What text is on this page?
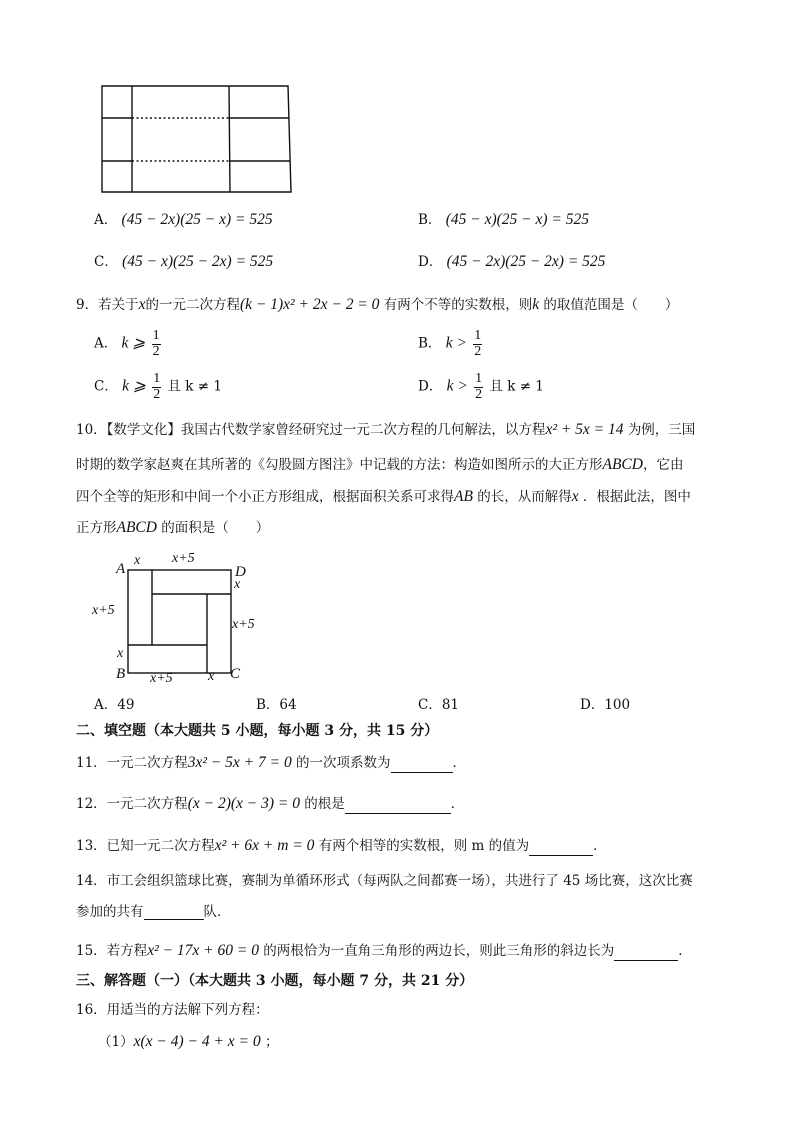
A． (45 − 2x)(25 − x) = 525	B． (45 − x)(25 − x) = 525
C． (45 − x)(25 − 2x) = 525	D． (45 − 2x)(25 − 2x) = 525
9．若关于x的一元二次方程(k − 1)x² + 2x − 2 = 0 有两个不等的实数根，则k 的取值范围是（　　）
A． k ⩾ $\frac{1}{2}$	B． $k > \frac{1}{2}$
C． k ⩾ $\frac{1}{2}$ 且 k ≠ 1	D． $k > \frac{1}{2}$ 且 k ≠ 1
10．【数学文化】我国古代数学家曾经研究过一元二次方程的几何解法，以方程x² + 5x = 14 为例，三国
时期的数学家赵爽在其所著的《勾股圆方图注》中记载的方法：构造如图所示的大正方形ABCD，它由
四个全等的矩形和中间一个小正方形组成，根据面积关系可求得AB 的长，从而解得x ．根据此法，图中
正方形ABCD 的面积是（　　）
A	D
B	C
x x+5
x
x+5
x+5
x
x+5	x
A．49	B．64	C．81	D．100
二、填空题（本大题共 5 小题，每小题 3 分，共 15 分）
11．一元二次方程3x² − 5x + 7 = 0 的一次项系数为	．
12．一元二次方程(x − 2)(x − 3) = 0 的根是	．
13．已知一元二次方程x² + 6x + m = 0 有两个相等的实数根，则 m 的值为	．
14．市工会组织篮球比赛，赛制为单循环形式（每两队之间都赛一场），共进行了 45 场比赛，这次比赛
参加的共有	队．
15．若方程x² − 17x + 60 = 0 的两根恰为一直角三角形的两边长，则此三角形的斜边长为	．
三、解答题（一）（本大题共 3 小题，每小题 7 分，共 21 分）
16．用适当的方法解下列方程：
（1）x(x − 4) − 4 + x = 0 ；
